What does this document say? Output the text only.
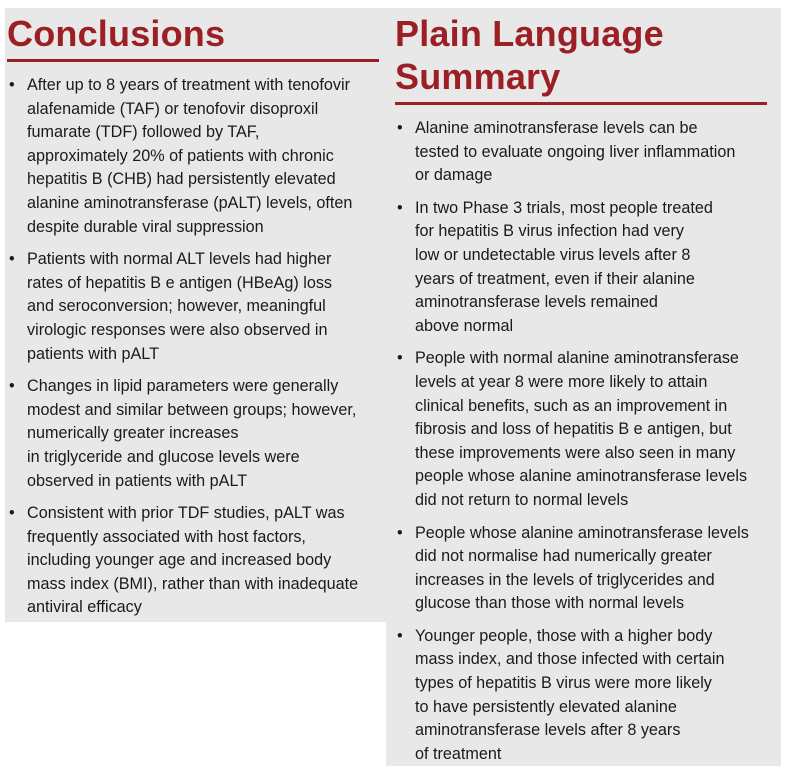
Conclusions	Plain Language
Summary
• After up to 8 years of treatment with tenofovir
alafenamide (TAF) or tenofovir disoproxil
fumarate (TDF) followed by TAF,
approximately 20% of patients with chronic
hepatitis B (CHB) had persistently elevated
alanine aminotransferase (pALT) levels, often
despite durable viral suppression
• Patients with normal ALT levels had higher
rates of hepatitis B e antigen (HBeAg) loss
and seroconversion; however, meaningful
virologic responses were also observed in
patients with pALT
• Changes in lipid parameters were generally
modest and similar between groups; however,
numerically greater increases
in triglyceride and glucose levels were
observed in patients with pALT
• Consistent with prior TDF studies, pALT was
frequently associated with host factors,
including younger age and increased body
mass index (BMI), rather than with inadequate
antiviral efficacy
• Alanine aminotransferase levels can be
tested to evaluate ongoing liver inflammation
or damage
• In two Phase 3 trials, most people treated
for hepatitis B virus infection had very
low or undetectable virus levels after 8
years of treatment, even if their alanine
aminotransferase levels remained
above normal
• People with normal alanine aminotransferase
levels at year 8 were more likely to attain
clinical benefits, such as an improvement in
fibrosis and loss of hepatitis B e antigen, but
these improvements were also seen in many
people whose alanine aminotransferase levels
did not return to normal levels
• People whose alanine aminotransferase levels
did not normalise had numerically greater
increases in the levels of triglycerides and
glucose than those with normal levels
• Younger people, those with a higher body
mass index, and those infected with certain
types of hepatitis B virus were more likely
to have persistently elevated alanine
aminotransferase levels after 8 years
of treatment
